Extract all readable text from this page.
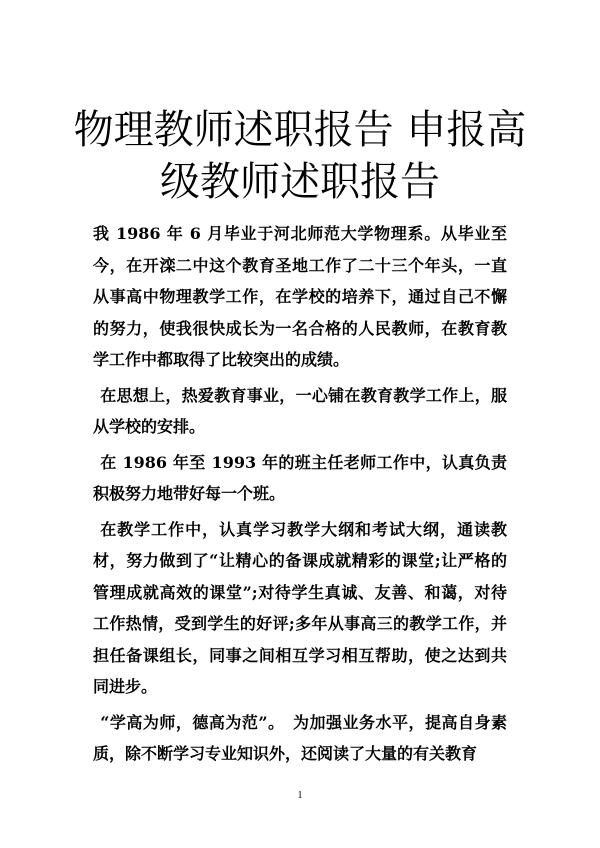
物理教师述职报告 申报高级教师述职报告

我 1986 年 6 月毕业于河北师范大学物理系。从毕业至今，在开滦二中这个教育圣地工作了二十三个年头，一直从事高中物理教学工作，在学校的培养下，通过自己不懈的努力，使我很快成长为一名合格的人民教师，在教育教学工作中都取得了比较突出的成绩。

在思想上，热爱教育事业，一心铺在教育教学工作上，服从学校的安排。

在 1986 年至 1993 年的班主任老师工作中，认真负责积极努力地带好每一个班。

在教学工作中，认真学习教学大纲和考试大纲，通读教材，努力做到了“让精心的备课成就精彩的课堂;让严格的管理成就高效的课堂”;对待学生真诚、友善、和蔼，对待工作热情，受到学生的好评;多年从事高三的教学工作，并担任备课组长，同事之间相互学习相互帮助，使之达到共同进步。

“学高为师，德高为范”。　为加强业务水平，提高自身素质，除不断学习专业知识外，还阅读了大量的有关教育

1
